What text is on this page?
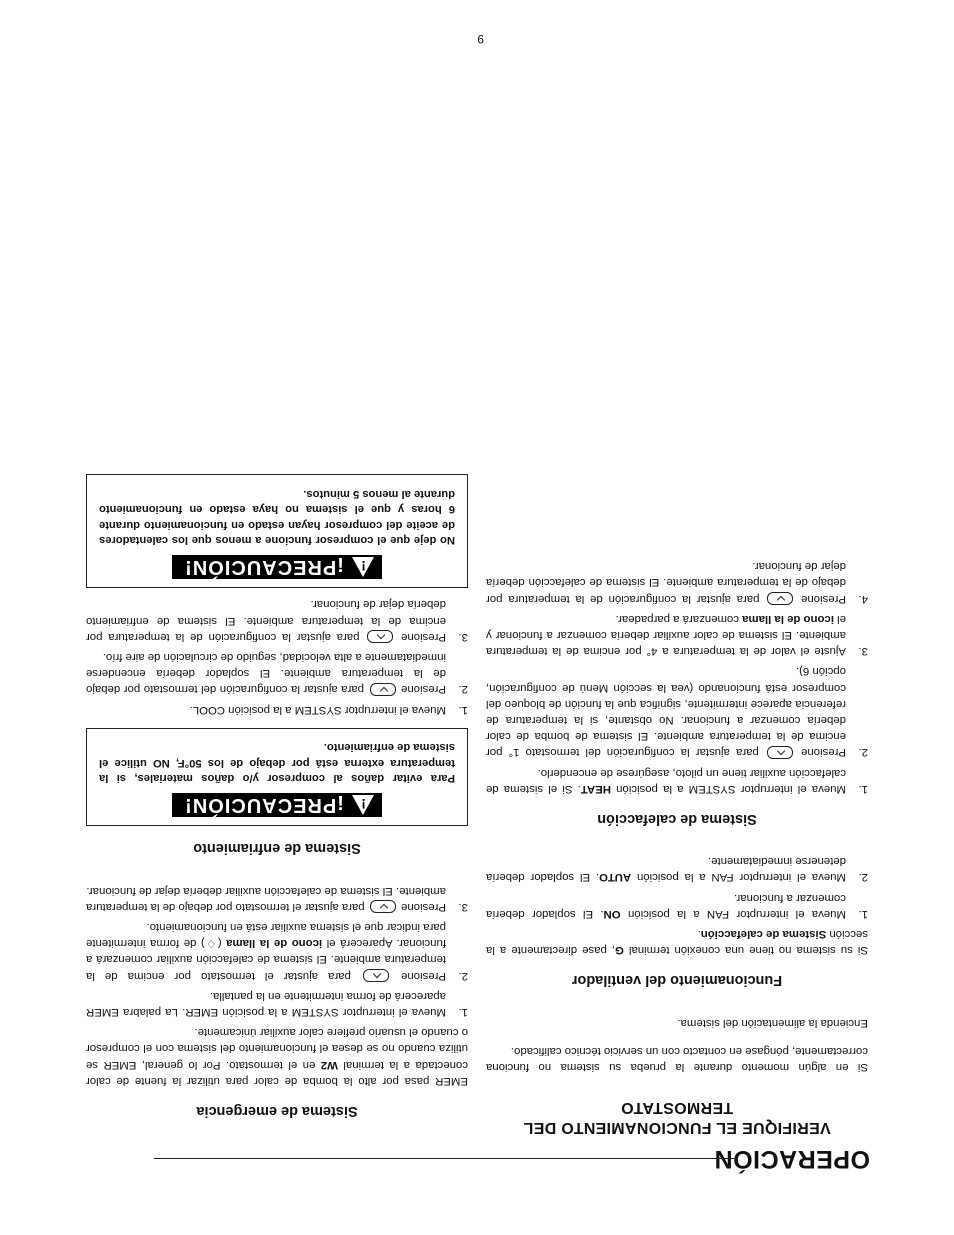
OPERACIÓN
VERIFIQUE EL FUNCIONAMIENTO DEL
TERMOSTATO

Si en algún momento durante la prueba su sistema no funciona correctamente, póngase en contacto con un servicio técnico calificado.

Encienda la alimentación del sistema.

Funcionamiento del ventilador

Si su sistema no tiene una conexión terminal G, pase directamente a la sección Sistema de calefacción.

1.
Mueva el interruptor FAN a la posición ON. El soplador debería comenzar a funcionar.
2.
Mueva el interruptor FAN a la posición AUTO. El soplador debería detenerse inmediatamente.
Sistema de calefacción
1.
Mueva el interruptor SYSTEM a la posición HEAT. Si el sistema de calefacción auxiliar tiene un piloto, asegúrese de encenderlo.
2.
Presione  para ajustar la configuración del termostato 1° por encima de la temperatura ambiente. El sistema de bomba de calor debería comenzar a funcionar. No obstante, si la temperatura de referencia aparece intermitente, significa que la función de bloqueo del compresor está funcionando (vea la sección Menú de configuración, opción 6).
3.
Ajuste el valor de la temperatura a 4° por encima de la temperatura ambiente. El sistema de calor auxiliar debería comenzar a funcionar y el icono de la llama comenzará a parpadear.
4.
Presione  para ajustar la configuración de la temperatura por debajo de la temperatura ambiente. El sistema de calefacción debería dejar de funcionar.
Sistema de emergencia

EMER pasa por alto la bomba de calor para utilizar la fuente de calor conectada a la terminal W2 en el termostato. Por lo general, EMER se utiliza cuando no se desea el funcionamiento del sistema con el compresor o cuando el usuario prefiere calor auxiliar únicamente.

1.
Mueva el interruptor SYSTEM a la posición EMER. La palabra EMER aparecerá de forma intermitente en la pantalla.
2.
Presione  para ajustar el termostato por encima de la temperatura ambiente. El sistema de calefacción auxiliar comenzará a funcionar. Aparecerá el icono de la llama (♢) de forma intermitente para indicar que el sistema auxiliar está en funcionamiento.
3.
Presione  para ajustar el termostato por debajo de la temperatura ambiente. El sistema de calefacción auxiliar debería dejar de funcionar.
Sistema de enfriamiento
!
¡PRECAUCIÓN!
Para evitar daños al compresor y/o daños materiales, si la temperatura externa está por debajo de los 50°F, NO utilice el sistema de enfriamiento.
1.
Mueva el interruptor SYSTEM a la posición COOL.
2.
Presione  para ajustar la configuración del termostato por debajo de la temperatura ambiente. El soplador debería encenderse inmediatamente a alta velocidad, seguido de circulación de aire frío.
3.
Presione  para ajustar la configuración de la temperatura por encima de la temperatura ambiente. El sistema de enfriamiento debería dejar de funcionar.
!
¡PRECAUCIÓN!
No deje que el compresor funcione a menos que los calentadores de aceite del compresor hayan estado en funcionamiento durante 6 horas y que el sistema no haya estado en funcionamiento durante al menos 5 minutos.
9
